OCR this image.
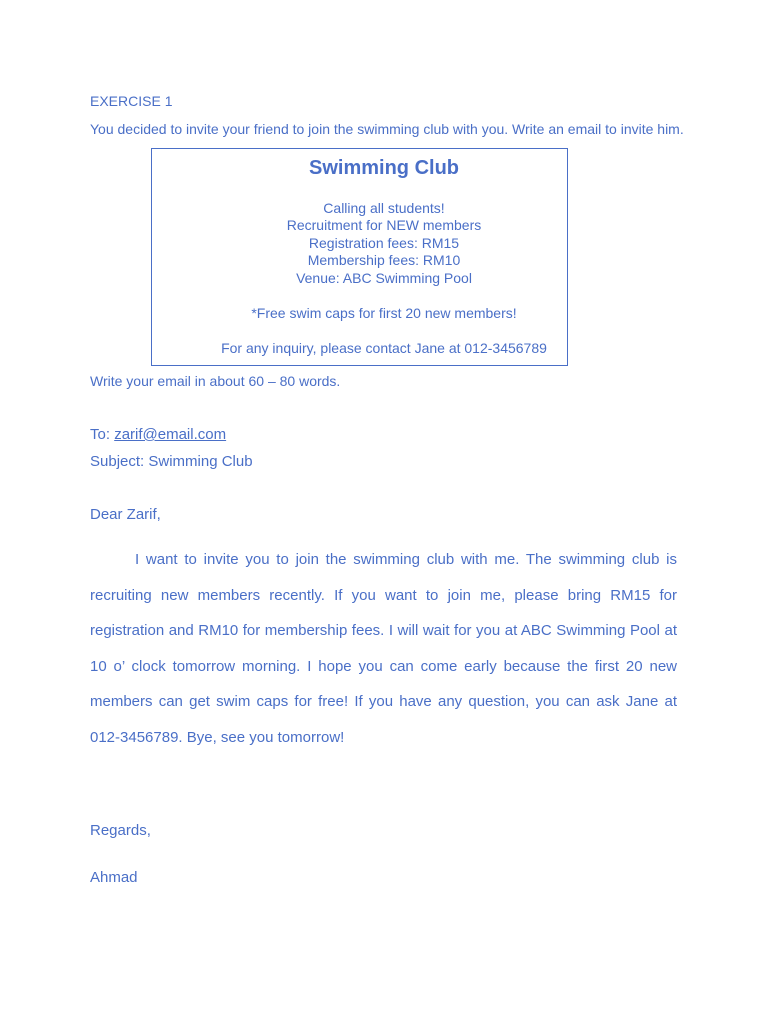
EXERCISE 1
You decided to invite your friend to join the swimming club with you. Write an email to invite him.
Swimming Club
Calling all students!
Recruitment for NEW members
Registration fees: RM15
Membership fees: RM10
Venue: ABC Swimming Pool
*Free swim caps for first 20 new members!
For any inquiry, please contact Jane at 012-3456789
Write your email in about 60 – 80 words.
To: zarif@email.com
Subject: Swimming Club
Dear Zarif,

I want to invite you to join the swimming club with me. The swimming club is recruiting new members recently. If you want to join me, please bring RM15 for registration and RM10 for membership fees. I will wait for you at ABC Swimming Pool at 10 o’ clock tomorrow morning. I hope you can come early because the first 20 new members can get swim caps for free! If you have any question, you can ask Jane at 012-3456789. Bye, see you tomorrow!

Regards,
Ahmad
